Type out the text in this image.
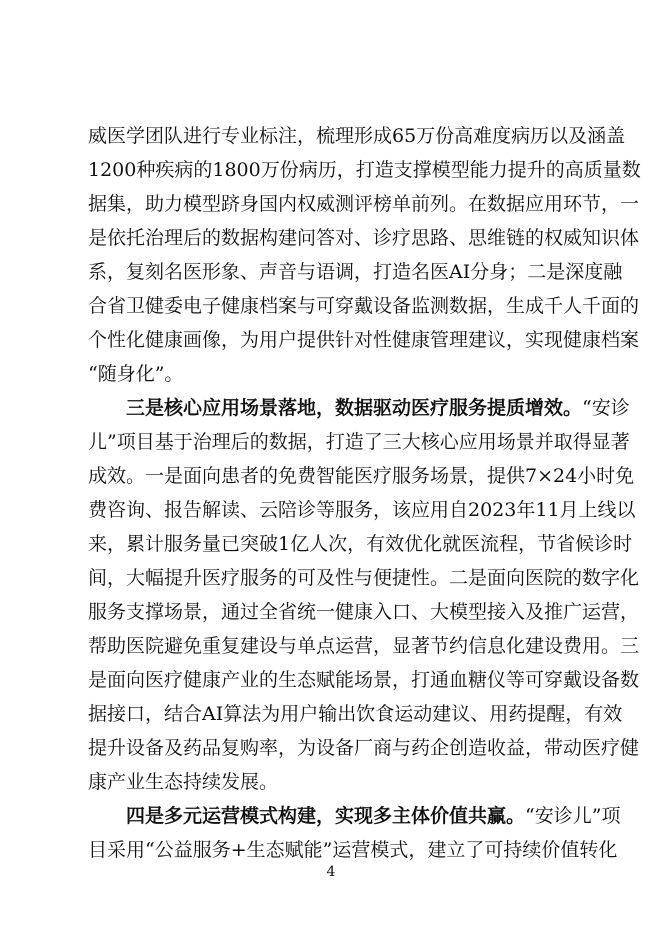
威医学团队进行专业标注，梳理形成65万份高难度病历以及涵盖
1200种疾病的1800万份病历，打造支撑模型能力提升的高质量数
据集，助力模型跻身国内权威测评榜单前列。在数据应用环节，一
是依托治理后的数据构建问答对、诊疗思路、思维链的权威知识体
系，复刻名医形象、声音与语调，打造名医AI分身；二是深度融
合省卫健委电子健康档案与可穿戴设备监测数据，生成千人千面的
个性化健康画像，为用户提供针对性健康管理建议，实现健康档案
“随身化”。
三是核心应用场景落地，数据驱动医疗服务提质增效。“安诊
儿”项目基于治理后的数据，打造了三大核心应用场景并取得显著
成效。一是面向患者的免费智能医疗服务场景，提供7×24小时免
费咨询、报告解读、云陪诊等服务，该应用自2023年11月上线以
来，累计服务量已突破1亿人次，有效优化就医流程，节省候诊时
间，大幅提升医疗服务的可及性与便捷性。二是面向医院的数字化
服务支撑场景，通过全省统一健康入口、大模型接入及推广运营，
帮助医院避免重复建设与单点运营，显著节约信息化建设费用。三
是面向医疗健康产业的生态赋能场景，打通血糖仪等可穿戴设备数
据接口，结合AI算法为用户输出饮食运动建议、用药提醒，有效
提升设备及药品复购率，为设备厂商与药企创造收益，带动医疗健
康产业生态持续发展。
四是多元运营模式构建，实现多主体价值共赢。“安诊儿”项
目采用“公益服务+生态赋能”运营模式，建立了可持续价值转化
4
